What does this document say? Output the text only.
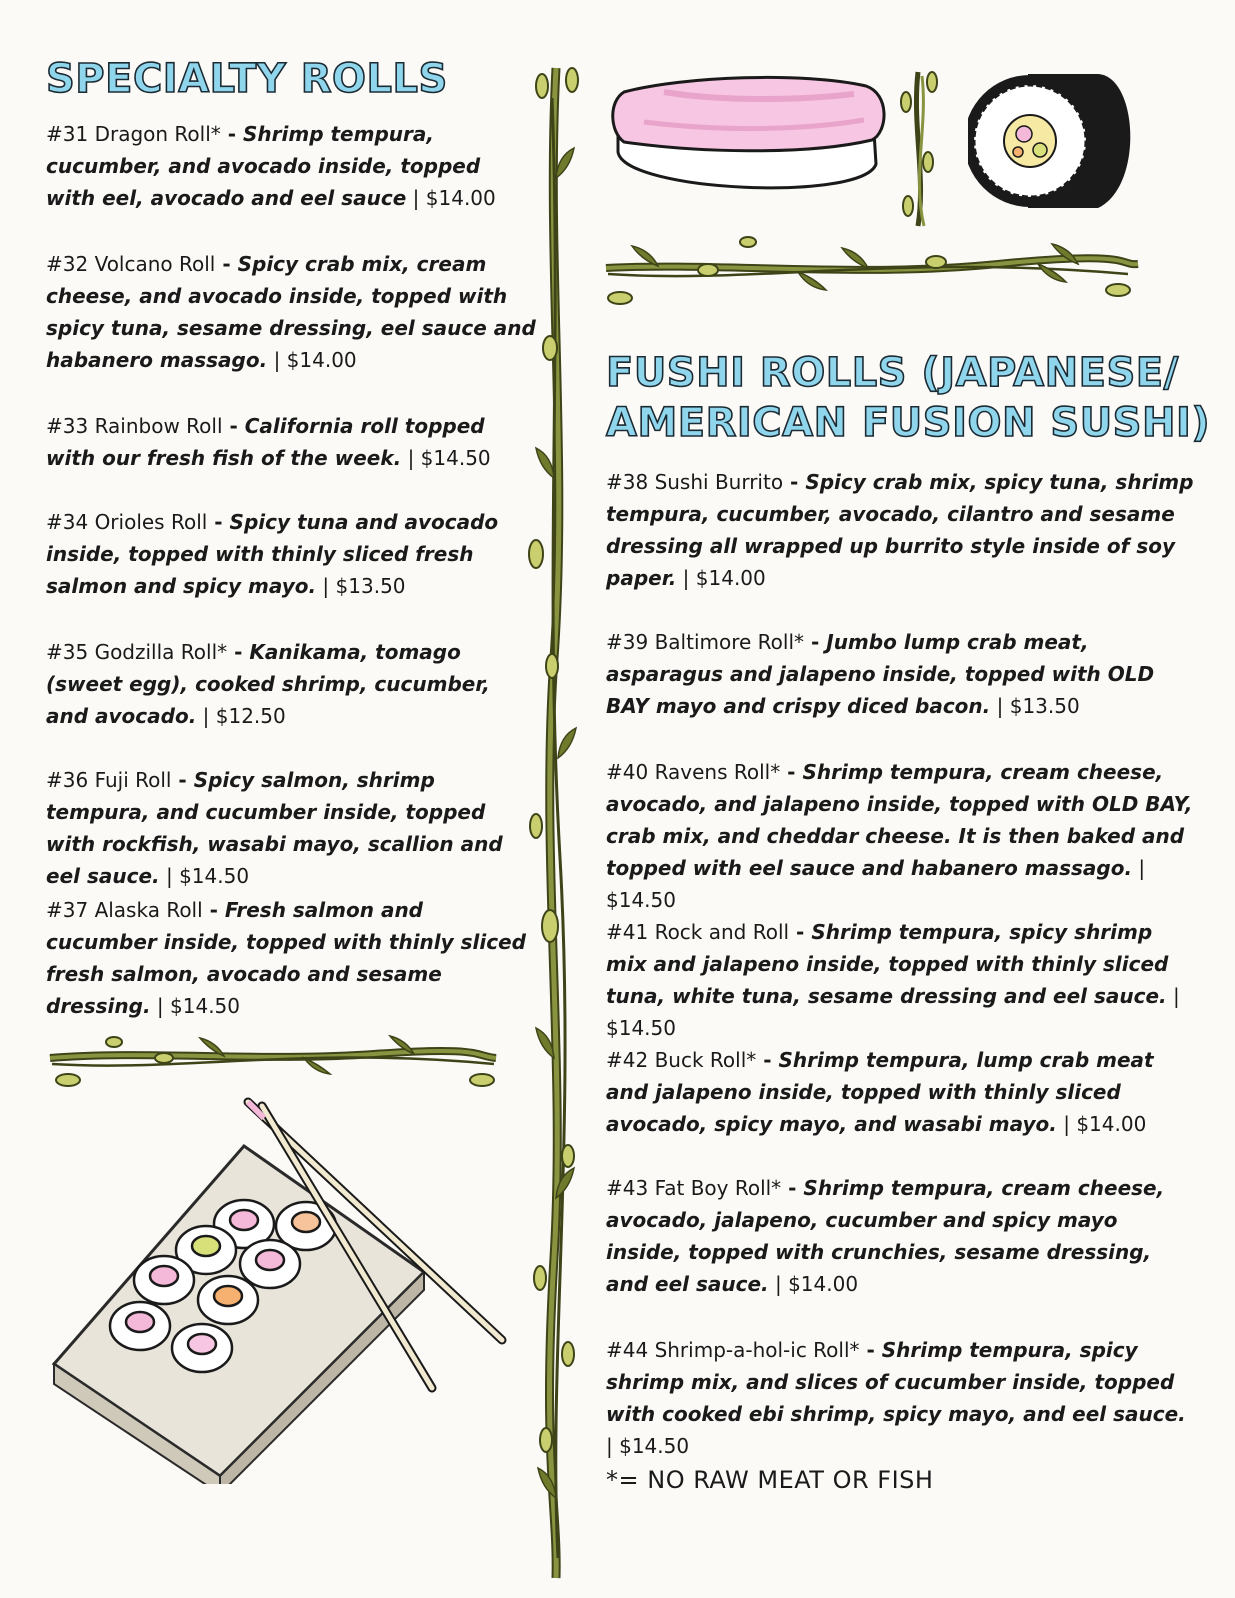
SPECIALTY ROLLS

#31 Dragon Roll* - Shrimp tempura, cucumber, and avocado inside, topped with eel, avocado and eel sauce | $14.00

#32 Volcano Roll - Spicy crab mix, cream cheese, and avocado inside, topped with spicy tuna, sesame dressing, eel sauce and habanero massago. | $14.00

#33 Rainbow Roll - California roll topped with our fresh fish of the week. | $14.50

#34 Orioles Roll - Spicy tuna and avocado inside, topped with thinly sliced fresh salmon and spicy mayo. | $13.50

#35 Godzilla Roll* - Kanikama, tomago (sweet egg), cooked shrimp, cucumber, and avocado. | $12.50

#36 Fuji Roll - Spicy salmon, shrimp tempura, and cucumber inside, topped with rockfish, wasabi mayo, scallion and eel sauce. | $14.50

#37 Alaska Roll - Fresh salmon and cucumber inside, topped with thinly sliced fresh salmon, avocado and sesame dressing. | $14.50

FUSHI ROLLS (JAPANESE/
AMERICAN FUSION SUSHI)

#38 Sushi Burrito - Spicy crab mix, spicy tuna, shrimp tempura, cucumber, avocado, cilantro and sesame dressing all wrapped up burrito style inside of soy paper. | $14.00

#39 Baltimore Roll* - Jumbo lump crab meat, asparagus and jalapeno inside, topped with OLD BAY mayo and crispy diced bacon. | $13.50

#40 Ravens Roll* - Shrimp tempura, cream cheese, avocado, and jalapeno inside, topped with OLD BAY, crab mix, and cheddar cheese. It is then baked and topped with eel sauce and habanero massago. | $14.50

#41 Rock and Roll - Shrimp tempura, spicy shrimp mix and jalapeno inside, topped with thinly sliced tuna, white tuna, sesame dressing and eel sauce. | $14.50

#42 Buck Roll* - Shrimp tempura, lump crab meat and jalapeno inside, topped with thinly sliced avocado, spicy mayo, and wasabi mayo. | $14.00

#43 Fat Boy Roll* - Shrimp tempura, cream cheese, avocado, jalapeno, cucumber and spicy mayo inside, topped with crunchies, sesame dressing, and eel sauce. | $14.00

#44 Shrimp-a-hol-ic Roll* - Shrimp tempura, spicy shrimp mix, and slices of cucumber inside, topped with cooked ebi shrimp, spicy mayo, and eel sauce. | $14.50

*= NO RAW MEAT OR FISH
